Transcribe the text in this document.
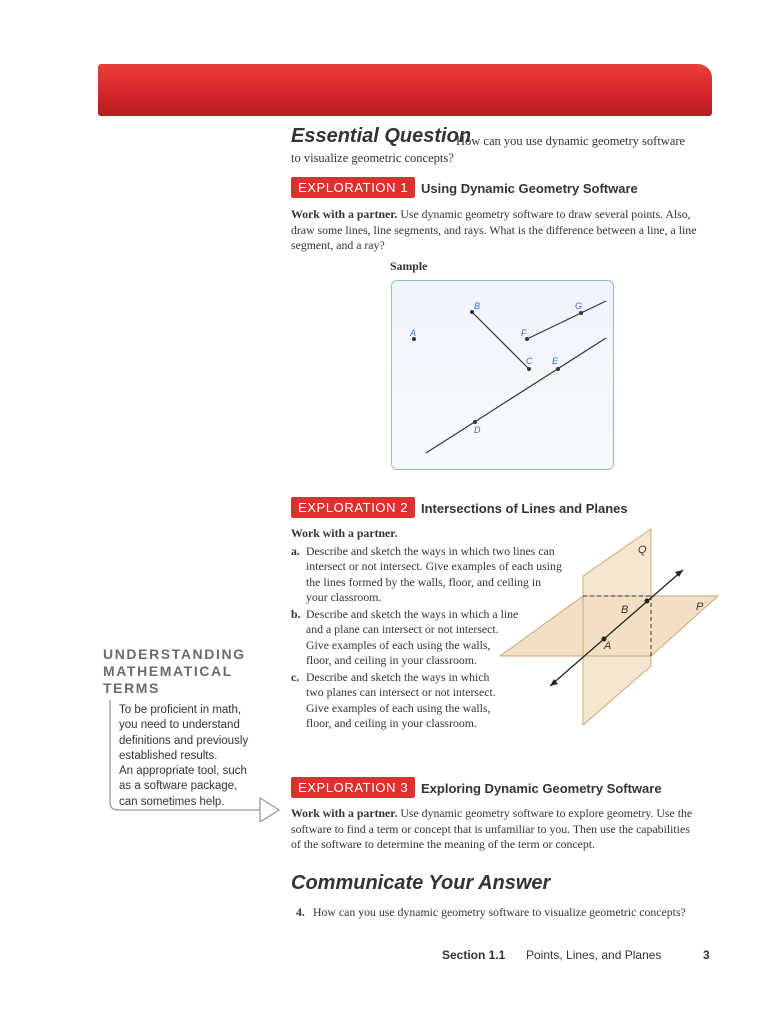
1.1 Points, Lines, and Planes
Essential Question
How can you use dynamic geometry software
to visualize geometric concepts?
EXPLORATION 1 Using Dynamic Geometry Software
Work with a partner. Use dynamic geometry software to draw several points. Also,
draw some lines, line segments, and rays. What is the difference between a line, a line
segment, and a ray?
Sample
A
B
C
F
G
D
E
EXPLORATION 2 Intersections of Lines and Planes
Work with a partner.
a. Describe and sketch the ways in which two lines can
intersect or not intersect. Give examples of each using
the lines formed by the walls, floor, and ceiling in
your classroom.
b. Describe and sketch the ways in which a line
and a plane can intersect or not intersect.
Give examples of each using the walls,
floor, and ceiling in your classroom.
c. Describe and sketch the ways in which
two planes can intersect or not intersect.
Give examples of each using the walls,
floor, and ceiling in your classroom.
Q
B	P
A
UNDERSTANDING
MATHEMATICAL
TERMS
To be proficient in math,
you need to understand
definitions and previously
established results.
An appropriate tool, such
as a software package,
can sometimes help.
EXPLORATION 3 Exploring Dynamic Geometry Software
Work with a partner. Use dynamic geometry software to explore geometry. Use the
software to find a term or concept that is unfamiliar to you. Then use the capabilities
of the software to determine the meaning of the term or concept.
Communicate Your Answer
4. How can you use dynamic geometry software to visualize geometric concepts?
Section 1.1 Points, Lines, and Planes	3
